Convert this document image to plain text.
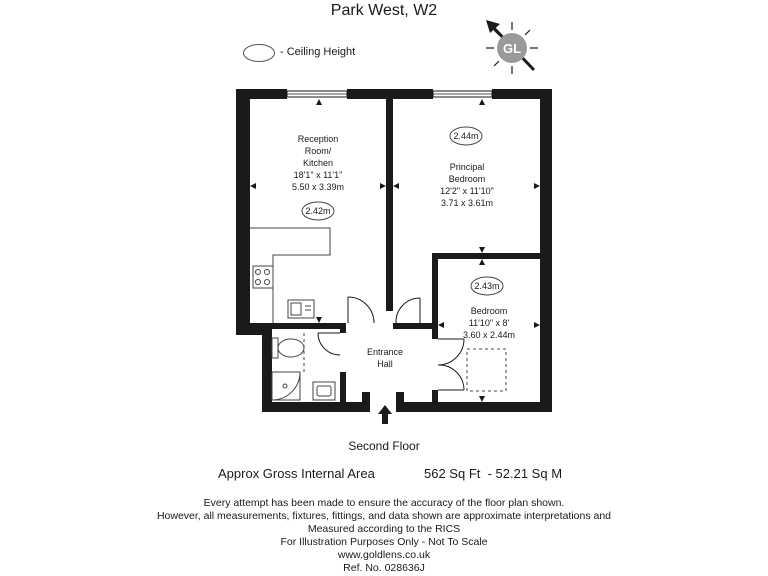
Park West, W2
- Ceiling Height	GL
2.42m
2.44m
2.43m
Reception
Room/
Kitchen
18'1" x 11'1"
5.50 x 3.39m
Principal
Bedroom
12'2" x 11'10"
3.71 x 3.61m
Bedroom
11'10" x 8'
3.60 x 2.44m
Entrance
Hall
Second Floor
Approx Gross Internal Area	562 Sq Ft  - 52.21 Sq M
Every attempt has been made to ensure the accuracy of the floor plan shown.
However, all measurements, fixtures, fittings, and data shown are approximate interpretations and
Measured according to the RICS
For Illustration Purposes Only - Not To Scale
www.goldlens.co.uk
Ref. No. 028636J
